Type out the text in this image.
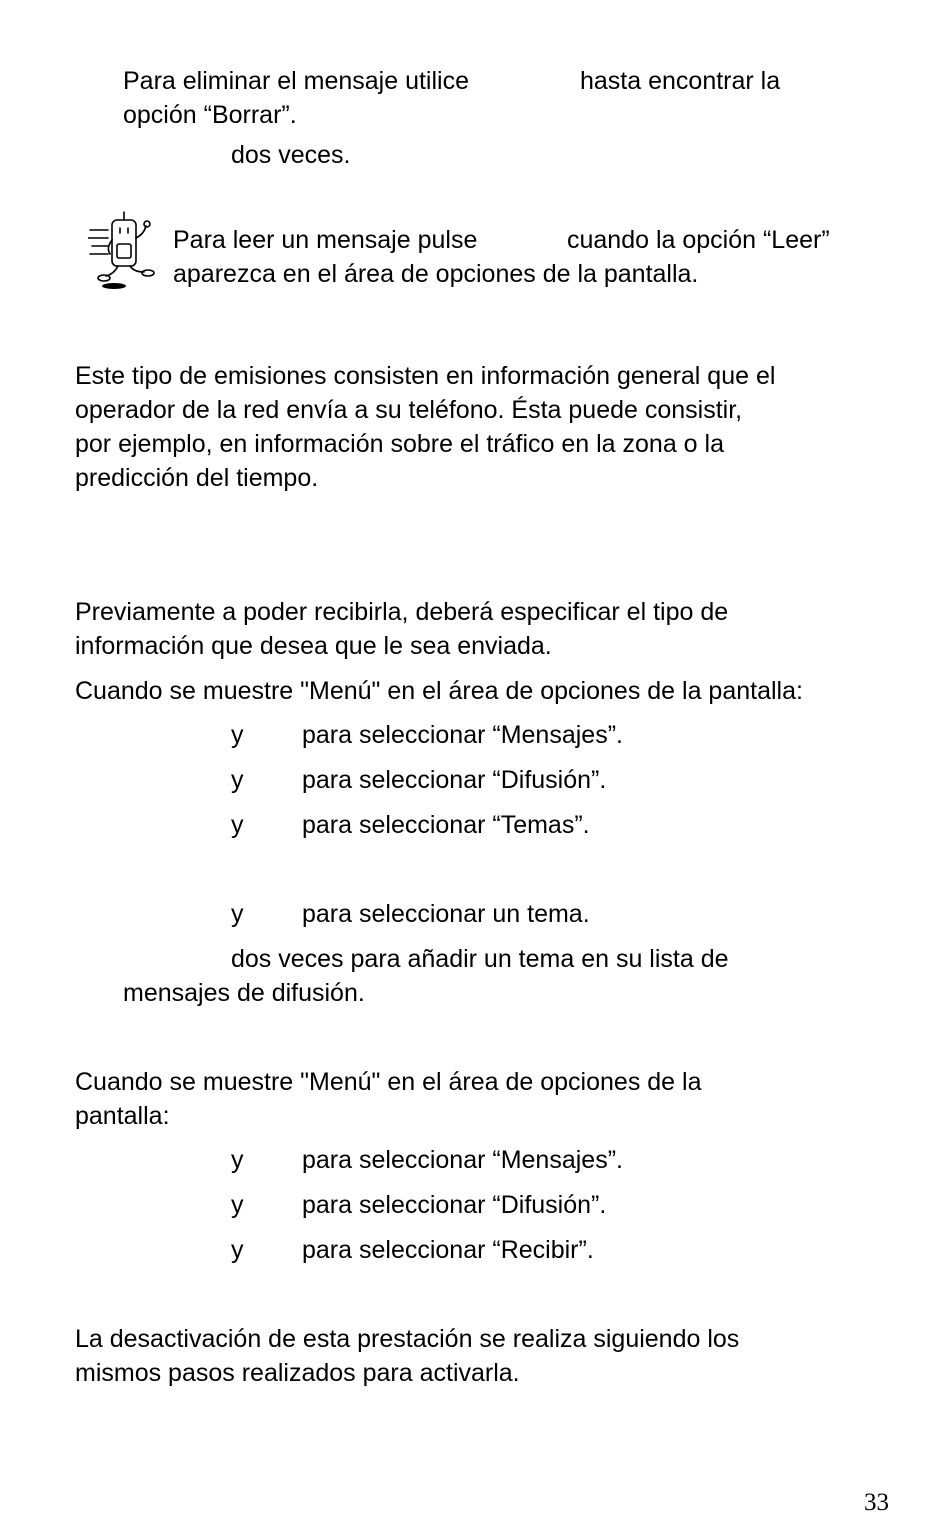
Para eliminar el mensaje utilice	hasta encontrar la
opción “Borrar”.
dos veces.
Para leer un mensaje pulse	cuando la opción “Leer”
aparezca en el área de opciones de la pantalla.
Este tipo de emisiones consisten en información general que el
operador de la red envía a su teléfono. Ésta puede consistir,
por ejemplo, en información sobre el tráfico en la zona o la
predicción del tiempo.
Previamente a poder recibirla, deberá especificar el tipo de
información que desea que le sea enviada.
Cuando se muestre "Menú" en el área de opciones de la pantalla:
y para seleccionar “Mensajes”.
y para seleccionar “Difusión”.
y para seleccionar “Temas”.
y para seleccionar un tema.
dos veces para añadir un tema en su lista de
mensajes de difusión.
Cuando se muestre "Menú" en el área de opciones de la
pantalla:
y para seleccionar “Mensajes”.
y para seleccionar “Difusión”.
y para seleccionar “Recibir”.
La desactivación de esta prestación se realiza siguiendo los
mismos pasos realizados para activarla.
33
